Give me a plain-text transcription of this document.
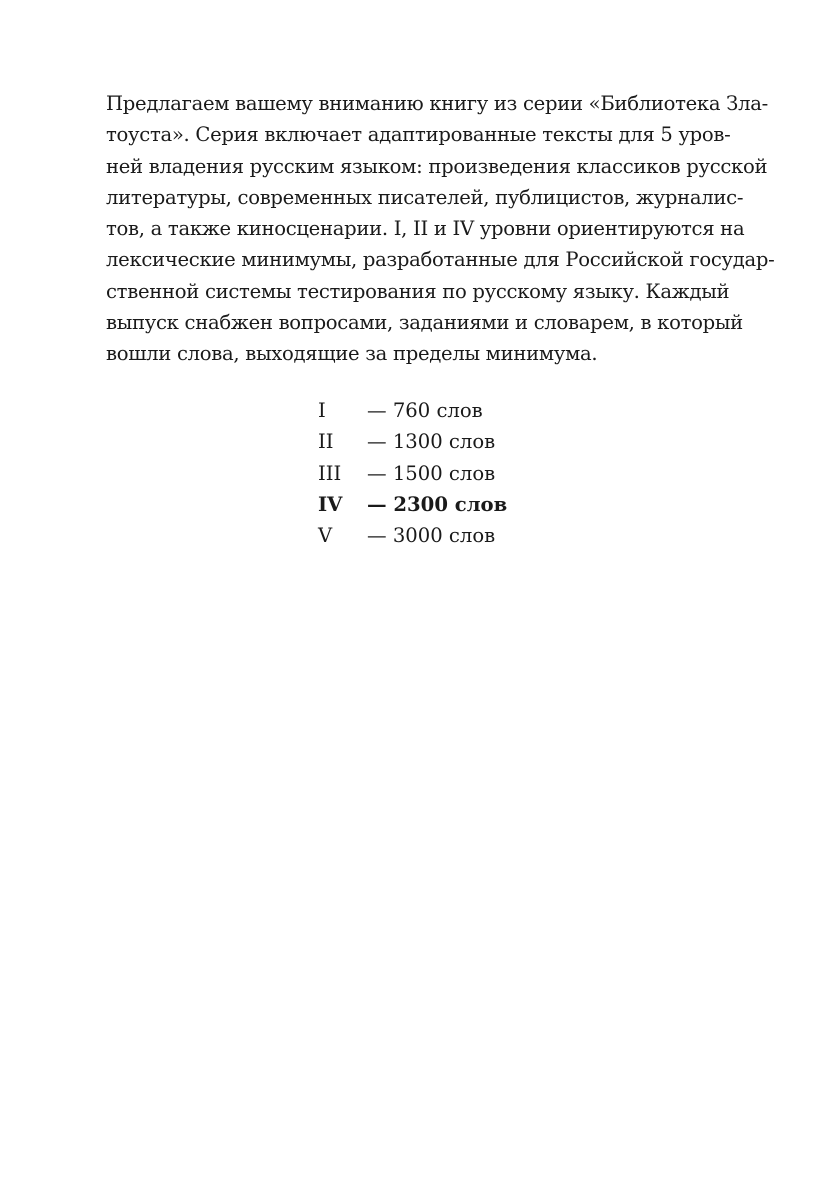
Предлагаем вашему вниманию книгу из серии «Библиотека Зла-
тоуста». Серия включает адаптированные тексты для 5 уров-
ней владения русским языком: произведения классиков русской
литературы, современных писателей, публицистов, журналис-
тов, а также киносценарии. I, II и IV уровни ориентируются на
лексические минимумы, разработанные для Российской государ-
ственной системы тестирования по русскому языку. Каждый
выпуск снабжен вопросами, заданиями и словарем, в который
вошли слова, выходящие за пределы минимума.

I — 760 слов
II — 1300 слов
III — 1500 слов
IV — 2300 слов
V — 3000 слов
